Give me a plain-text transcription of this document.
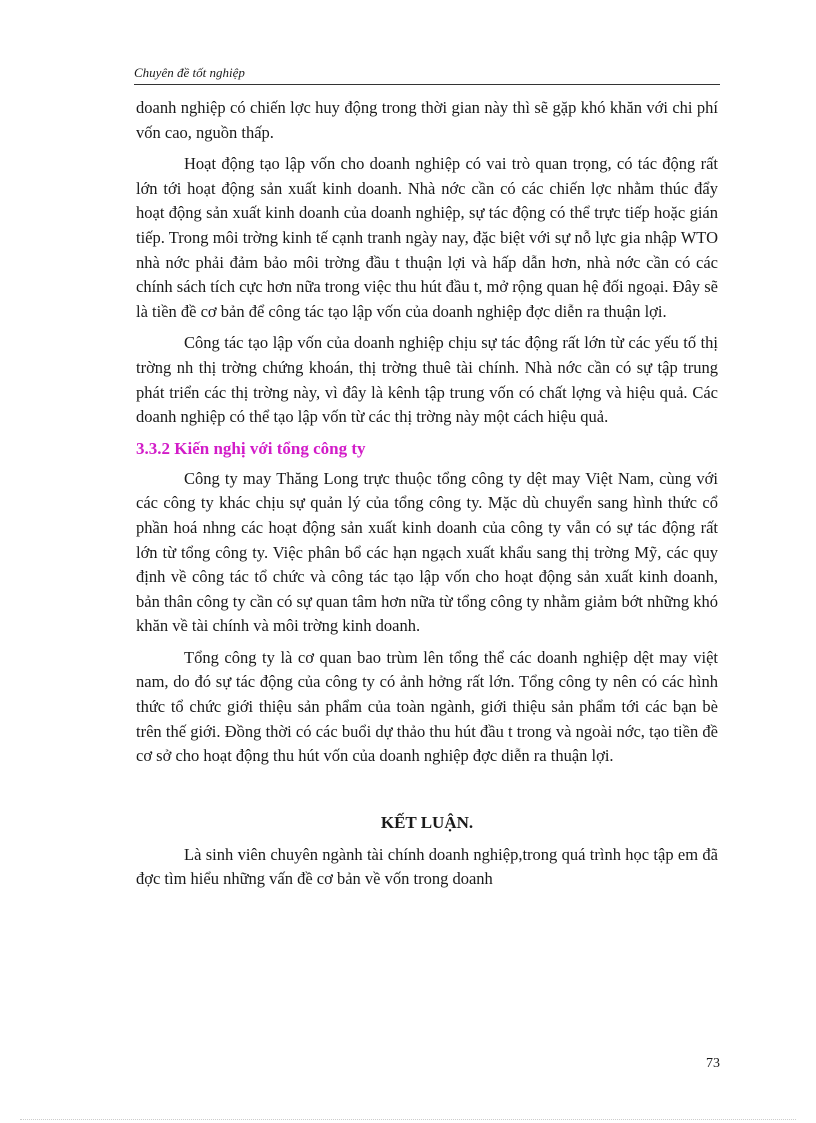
Chuyên đề tốt nghiệp

doanh nghiệp có chiến lợc huy động trong thời gian này thì sẽ gặp khó khăn với chi phí vốn cao, nguồn thấp.

Hoạt động tạo lập vốn cho doanh nghiệp có vai trò quan trọng, có tác động rất lớn tới hoạt động sản xuất kinh doanh. Nhà nớc cần có các chiến lợc nhằm thúc đẩy hoạt động sản xuất kinh doanh của doanh nghiệp, sự tác động có thể trực tiếp hoặc gián tiếp. Trong môi trờng kinh tế cạnh tranh ngày nay, đặc biệt với sự nỗ lực gia nhập WTO nhà nớc phải đảm bảo môi trờng đầu t thuận lợi và hấp dẫn hơn, nhà nớc cần có các chính sách tích cực hơn nữa trong việc thu hút đầu t, mở rộng quan hệ đối ngoại. Đây sẽ là tiền đề cơ bản để công tác tạo lập vốn của doanh nghiệp đợc diễn ra thuận lợi.

Công tác tạo lập vốn của doanh nghiệp chịu sự tác động rất lớn từ các yếu tố thị trờng nh thị trờng chứng khoán, thị trờng thuê tài chính. Nhà nớc cần có sự tập trung phát triển các thị trờng này, vì đây là kênh tập trung vốn có chất lợng và hiệu quả. Các doanh nghiệp có thể tạo lập vốn từ các thị trờng này một cách hiệu quả.

3.3.2 Kiến nghị với tổng công ty

Công ty may Thăng Long trực thuộc tổng công ty dệt may Việt Nam, cùng với các công ty khác chịu sự quản lý của tổng công ty. Mặc dù chuyển sang hình thức cổ phần hoá nhng các hoạt động sản xuất kinh doanh của công ty vẫn có sự tác động rất lớn từ tổng công ty. Việc phân bổ các hạn ngạch xuất khẩu sang thị trờng Mỹ, các quy định về công tác tổ chức và công tác tạo lập vốn cho hoạt động sản xuất kinh doanh, bản thân công ty cần có sự quan tâm hơn nữa từ tổng công ty nhằm giảm bớt những khó khăn về tài chính và môi trờng kinh doanh.

Tổng công ty là cơ quan bao trùm lên tổng thể các doanh nghiệp dệt may việt nam, do đó sự tác động của công ty có ảnh hởng rất lớn. Tổng công ty nên có các hình thức tổ chức giới thiệu sản phẩm của toàn ngành, giới thiệu sản phẩm tới các bạn bè trên thế giới. Đồng thời có các buổi dự thảo thu hút đầu t trong và ngoài nớc, tạo tiền đề cơ sở cho hoạt động thu hút vốn của doanh nghiệp đợc diễn ra thuận lợi.

KẾT LUẬN.

Là sinh viên chuyên ngành tài chính doanh nghiệp,trong quá trình học tập em đã đợc tìm hiểu những vấn đề cơ bản về vốn trong doanh

73
